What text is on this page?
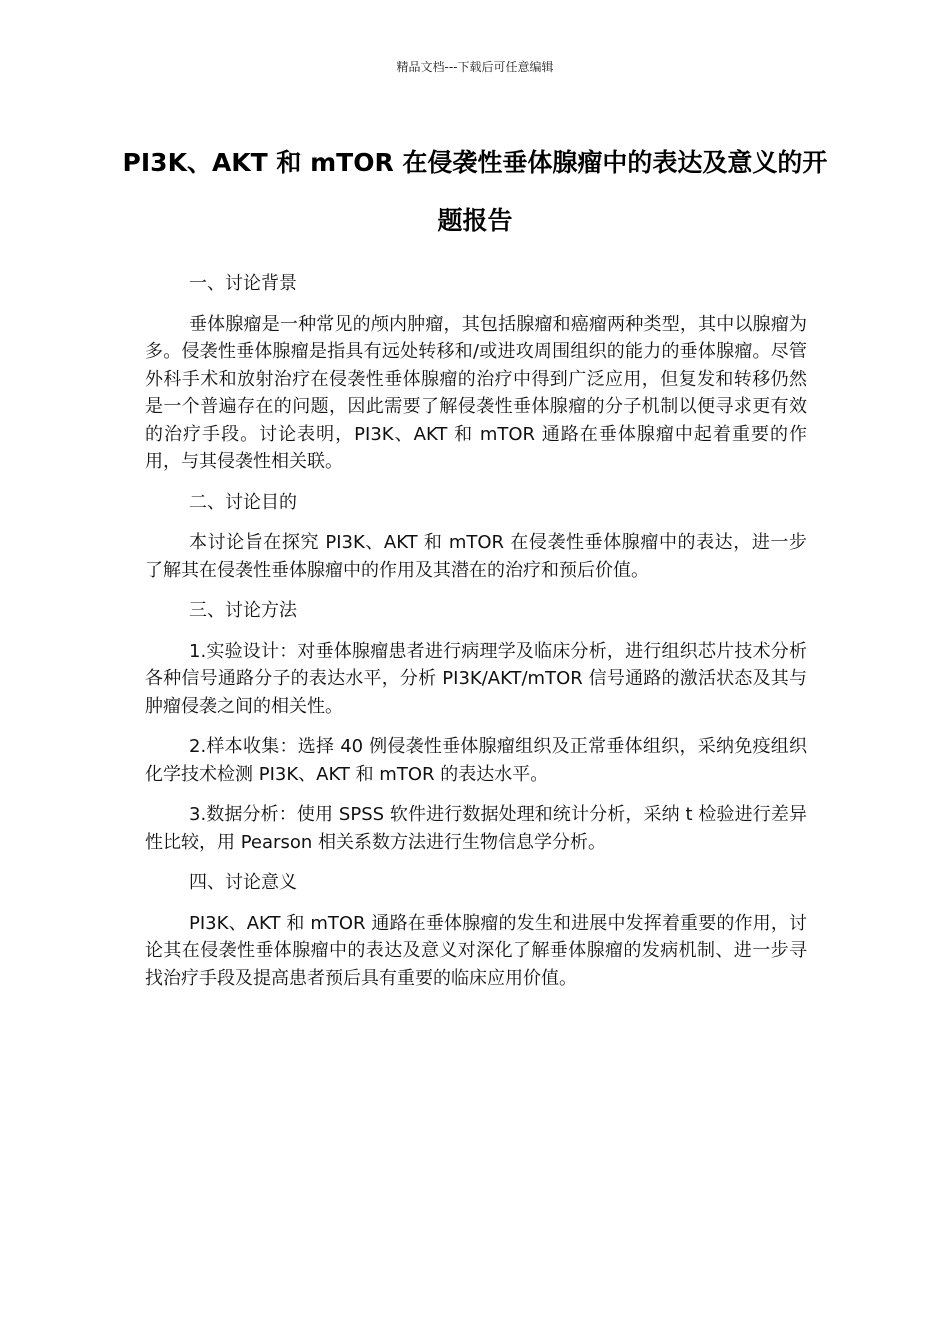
精品文档---下载后可任意编辑
PI3K、AKT 和 mTOR 在侵袭性垂体腺瘤中的表达及意义的开题报告

一、讨论背景

垂体腺瘤是一种常见的颅内肿瘤，其包括腺瘤和癌瘤两种类型，其中以腺瘤为多。侵袭性垂体腺瘤是指具有远处转移和/或进攻周围组织的能力的垂体腺瘤。尽管外科手术和放射治疗在侵袭性垂体腺瘤的治疗中得到广泛应用，但复发和转移仍然是一个普遍存在的问题，因此需要了解侵袭性垂体腺瘤的分子机制以便寻求更有效的治疗手段。讨论表明，PI3K、AKT 和 mTOR 通路在垂体腺瘤中起着重要的作用，与其侵袭性相关联。

二、讨论目的

本讨论旨在探究 PI3K、AKT 和 mTOR 在侵袭性垂体腺瘤中的表达，进一步了解其在侵袭性垂体腺瘤中的作用及其潜在的治疗和预后价值。

三、讨论方法

1.实验设计：对垂体腺瘤患者进行病理学及临床分析，进行组织芯片技术分析各种信号通路分子的表达水平，分析 PI3K/AKT/mTOR 信号通路的激活状态及其与肿瘤侵袭之间的相关性。

2.样本收集：选择 40 例侵袭性垂体腺瘤组织及正常垂体组织，采纳免疫组织化学技术检测 PI3K、AKT 和 mTOR 的表达水平。

3.数据分析：使用 SPSS 软件进行数据处理和统计分析，采纳 t 检验进行差异性比较，用 Pearson 相关系数方法进行生物信息学分析。

四、讨论意义

PI3K、AKT 和 mTOR 通路在垂体腺瘤的发生和进展中发挥着重要的作用，讨论其在侵袭性垂体腺瘤中的表达及意义对深化了解垂体腺瘤的发病机制、进一步寻找治疗手段及提高患者预后具有重要的临床应用价值。
